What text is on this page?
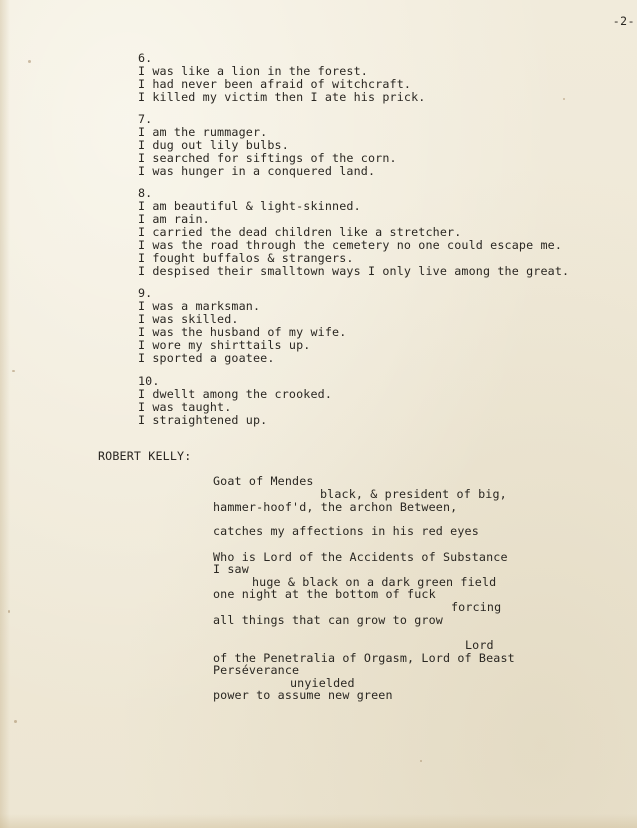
-2-
6.
I was like a lion in the forest.
I had never been afraid of witchcraft.
I killed my victim then I ate his prick.
7.
I am the rummager.
I dug out lily bulbs.
I searched for siftings of the corn.
I was hunger in a conquered land.
8.
I am beautiful & light-skinned.
I am rain.
I carried the dead children like a stretcher.
I was the road through the cemetery no one could escape me.
I fought buffalos & strangers.
I despised their smalltown ways I only live among the great.
9.
I was a marksman.
I was skilled.
I was the husband of my wife.
I wore my shirttails up.
I sported a goatee.
10.
I dwellt among the crooked.
I was taught.
I straightened up.
ROBERT KELLY:
Goat of Mendes
black, & president of big,
hammer-hoof'd, the archon Between,
catches my affections in his red eyes
Who is Lord of the Accidents of Substance
I saw
huge & black on a dark green field
one night at the bottom of fuck
forcing
all things that can grow to grow
Lord
of the Penetralia of Orgasm, Lord of Beast
Perséverance
unyielded
power to assume new green
